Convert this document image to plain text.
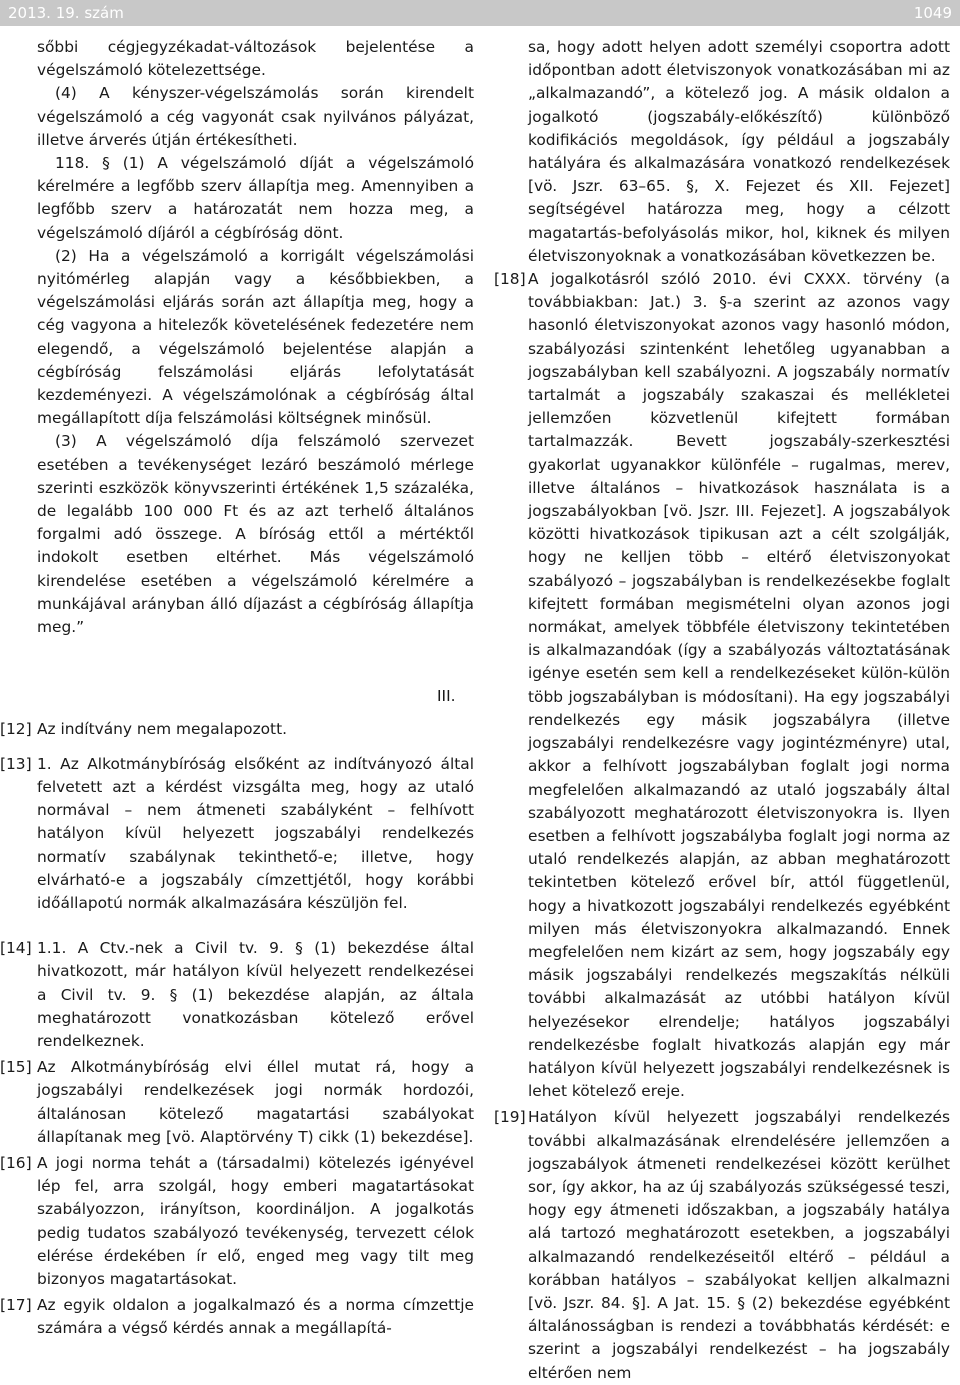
2013. 19. szám	1049

sőbbi cégjegyzékadat-változások bejelentése a végelszámoló kötelezettsége.

(4) A kényszer-végelszámolás során kirendelt végelszámoló a cég vagyonát csak nyilvános pályázat, illetve árverés útján értékesítheti.

118. § (1) A végelszámoló díját a végelszámoló kérelmére a legfőbb szerv állapítja meg. Amennyiben a legfőbb szerv a határozatát nem hozza meg, a végelszámoló díjáról a cégbíróság dönt.

(2) Ha a végelszámoló a korrigált végelszámolási nyitómérleg alapján vagy a későbbiekben, a végelszámolási eljárás során azt állapítja meg, hogy a cég vagyona a hitelezők követelésének fedezetére nem elegendő, a végelszámoló bejelentése alapján a cégbíróság felszámolási eljárás lefolytatását kezdeményezi. A végelszámolónak a cégbíróság által megállapított díja felszámolási költségnek minősül.

(3) A végelszámoló díja felszámoló szervezet esetében a tevékenységet lezáró beszámoló mérlege szerinti eszközök könyvszerinti értékének 1,5 százaléka, de legalább 100 000 Ft és az azt terhelő általános forgalmi adó összege. A bíróság ettől a mértéktől indokolt esetben eltérhet. Más végelszámoló kirendelése esetében a végelszámoló kérelmére a munkájával arányban álló díjazást a cégbíróság állapítja meg.”

III.

[12] Az indítvány nem megalapozott.

[13] 1. Az Alkotmánybíróság elsőként az indítványozó által felvetett azt a kérdést vizsgálta meg, hogy az utaló normával – nem átmeneti szabályként – felhívott hatályon kívül helyezett jogszabályi rendelkezés normatív szabálynak tekinthető-e; illetve, hogy elvárható-e a jogszabály címzettjétől, hogy korábbi időállapotú normák alkalmazására készüljön fel.

[14] 1.1. A Ctv.-nek a Civil tv. 9. § (1) bekezdése által hivatkozott, már hatályon kívül helyezett rendelkezései a Civil tv. 9. § (1) bekezdése alapján, az általa meghatározott vonatkozásban kötelező erővel rendelkeznek.

[15] Az Alkotmánybíróság elvi éllel mutat rá, hogy a jogszabályi rendelkezések jogi normák hordozói, általánosan kötelező magatartási szabályokat állapítanak meg [vö. Alaptörvény T) cikk (1) bekezdése].

[16] A jogi norma tehát a (társadalmi) kötelezés igényével lép fel, arra szolgál, hogy emberi magatartásokat szabályozzon, irányítson, koordináljon. A jogalkotás pedig tudatos szabályozó tevékenység, tervezett célok elérése érdekében ír elő, enged meg vagy tilt meg bizonyos magatartásokat.

[17] Az egyik oldalon a jogalkalmazó és a norma címzettje számára a végső kérdés annak a megállapítá-

sa, hogy adott helyen adott személyi csoportra adott időpontban adott életviszonyok vonatkozásában mi az „alkalmazandó”, a kötelező jog. A másik oldalon a jogalkotó (jogszabály-előkészítő) különböző kodifikációs megoldások, így például a jogszabály hatályára és alkalmazására vonatkozó rendelkezések [vö. Jszr. 63–65. §, X. Fejezet és XII. Fejezet] segítségével határozza meg, hogy a célzott magatartás-befolyásolás mikor, hol, kiknek és milyen életviszonyoknak a vonatkozásában következzen be.

[18] A jogalkotásról szóló 2010. évi CXXX. törvény (a továbbiakban: Jat.) 3. §-a szerint az azonos vagy hasonló életviszonyokat azonos vagy hasonló módon, szabályozási szintenként lehetőleg ugyanabban a jogszabályban kell szabályozni. A jogszabály normatív tartalmát a jogszabály szakaszai és mellékletei jellemzően közvetlenül kifejtett formában tartalmazzák. Bevett jogszabály-szerkesztési gyakorlat ugyanakkor különféle – rugalmas, merev, illetve általános – hivatkozások használata is a jogszabályokban [vö. Jszr. III. Fejezet]. A jogszabályok közötti hivatkozások tipikusan azt a célt szolgálják, hogy ne kelljen több – eltérő életviszonyokat szabályozó – jogszabályban is rendelkezésekbe foglalt kifejtett formában megismételni olyan azonos jogi normákat, amelyek többféle életviszony tekintetében is alkalmazandóak (így a szabályozás változtatásának igénye esetén sem kell a rendelkezéseket külön-külön több jogszabályban is módosítani). Ha egy jogszabályi rendelkezés egy másik jogszabályra (illetve jogszabályi rendelkezésre vagy jogintézményre) utal, akkor a felhívott jogszabályban foglalt jogi norma megfelelően alkalmazandó az utaló jogszabály által szabályozott meghatározott életviszonyokra is. Ilyen esetben a felhívott jogszabályba foglalt jogi norma az utaló rendelkezés alapján, az abban meghatározott tekintetben kötelező erővel bír, attól függetlenül, hogy a hivatkozott jogszabályi rendelkezés egyébként milyen más életviszonyokra alkalmazandó. Ennek megfelelően nem kizárt az sem, hogy jogszabály egy másik jogszabályi rendelkezés megszakítás nélküli további alkalmazását az utóbbi hatályon kívül helyezésekor elrendelje; hatályos jogszabályi rendelkezésbe foglalt hivatkozás alapján egy már hatályon kívül helyezett jogszabályi rendelkezésnek is lehet kötelező ereje.

[19] Hatályon kívül helyezett jogszabályi rendelkezés további alkalmazásának elrendelésére jellemzően a jogszabályok átmeneti rendelkezései között kerülhet sor, így akkor, ha az új szabályozás szükségessé teszi, hogy egy átmeneti időszakban, a jogszabály hatálya alá tartozó meghatározott esetekben, a jogszabályi alkalmazandó rendelkezéseitől eltérő – például a korábban hatályos – szabályokat kelljen alkalmazni [vö. Jszr. 84. §]. A Jat. 15. § (2) bekezdése egyébként általánosságban is rendezi a továbbhatás kérdését: e szerint a jogszabályi rendelkezést – ha jogszabály eltérően nem
